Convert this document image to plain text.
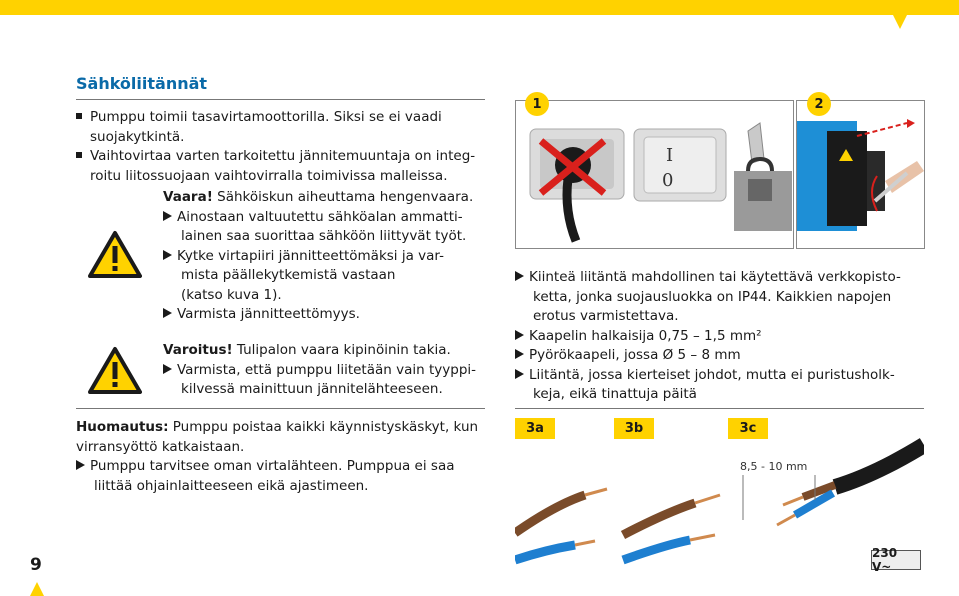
Sähköliitännät
Pumppu toimii tasavirtamoottorilla. Siksi se ei vaadi
suojakytkintä.
Vaihtovirtaa varten tarkoitettu jännitemuuntaja on integ-
roitu liitossuojaan vaihtovirralla toimivissa malleissa.
Vaara! Sähköiskun aiheuttama hengenvaara.
Ainostaan valtuutettu sähköalan ammatti-
lainen saa suorittaa sähköön liittyvät työt.
Kytke virtapiiri jännitteettömäksi ja var-
mista päällekytkemistä vastaan
(katso kuva 1).
Varmista jännitteettömyys.
Varoitus! Tulipalon vaara kipinöinin takia.
Varmista, että pumppu liitetään vain tyyppi-
kilvessä mainittuun jännitelähteeseen.
Huomautus: Pumppu poistaa kaikki käynnistyskäskyt, kun
virransyöttö katkaistaan.
Pumppu tarvitsee oman virtalähteen. Pumppua ei saa
liittää ohjainlaitteeseen eikä ajastimeen.
I
0
1	2
Kiinteä liitäntä mahdollinen tai käytettävä verkkopisto-
ketta, jonka suojausluokka on IP44. Kaikkien napojen
erotus varmistettava.
Kaapelin halkaisija 0,75 – 1,5 mm²
Pyörökaapeli, jossa Ø 5 – 8 mm
Liitäntä, jossa kierteiset johdot, mutta ei puristusholk-
keja, eikä tinattuja päitä
3a	3b	3c
8,5 - 10 mm
230 V~
9
